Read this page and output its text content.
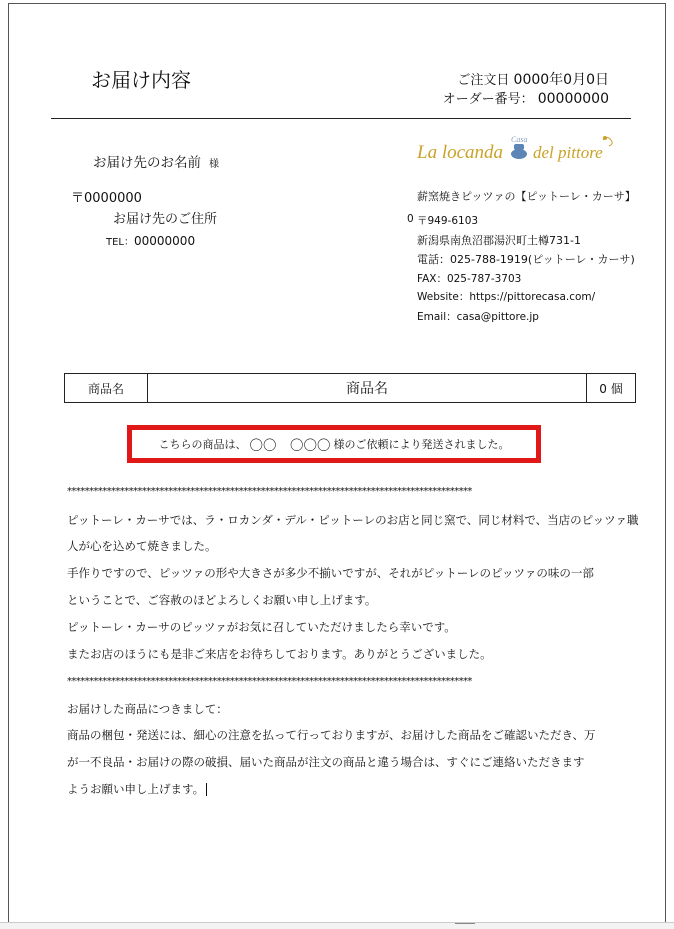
お届け内容	ご注文日 0000年0月0日
オーダー番号： 00000000
お届け先のお名前 様
〒0000000
お届け先のご住所
TEL：00000000
La locanda
Casa
del pittore
薪窯焼きピッツァの【ピットーレ・カーサ】
0 〒949-6103
新潟県南魚沼郡湯沢町土樽731-1
電話：025-788-1919(ピットーレ・カーサ)
FAX：025-787-3703
Website：https://pittorecasa.com/
Email：casa@pittore.jp
商品名	商品名	0 個
こちらの商品は、 〇〇　〇〇〇 様のご依頼により発送されました。
********************************************************************************************
ピットーレ・カーサでは、ラ・ロカンダ・デル・ピットーレのお店と同じ窯で、同じ材料で、当店のピッツァ職
人が心を込めて焼きました。
手作りですので、ピッツァの形や大きさが多少不揃いですが、それがピットーレのピッツァの味の一部
ということで、ご容赦のほどよろしくお願い申し上げます。
ピットーレ・カーサのピッツァがお気に召していただけましたら幸いです。
またお店のほうにも是非ご来店をお待ちしております。ありがとうございました。
********************************************************************************************
お届けした商品につきまして：
商品の梱包・発送には、細心の注意を払って行っておりますが、お届けした商品をご確認いただき、万
が一不良品・お届けの際の破損、届いた商品が注文の商品と違う場合は、すぐにご連絡いただきます
ようお願い申し上げます。
